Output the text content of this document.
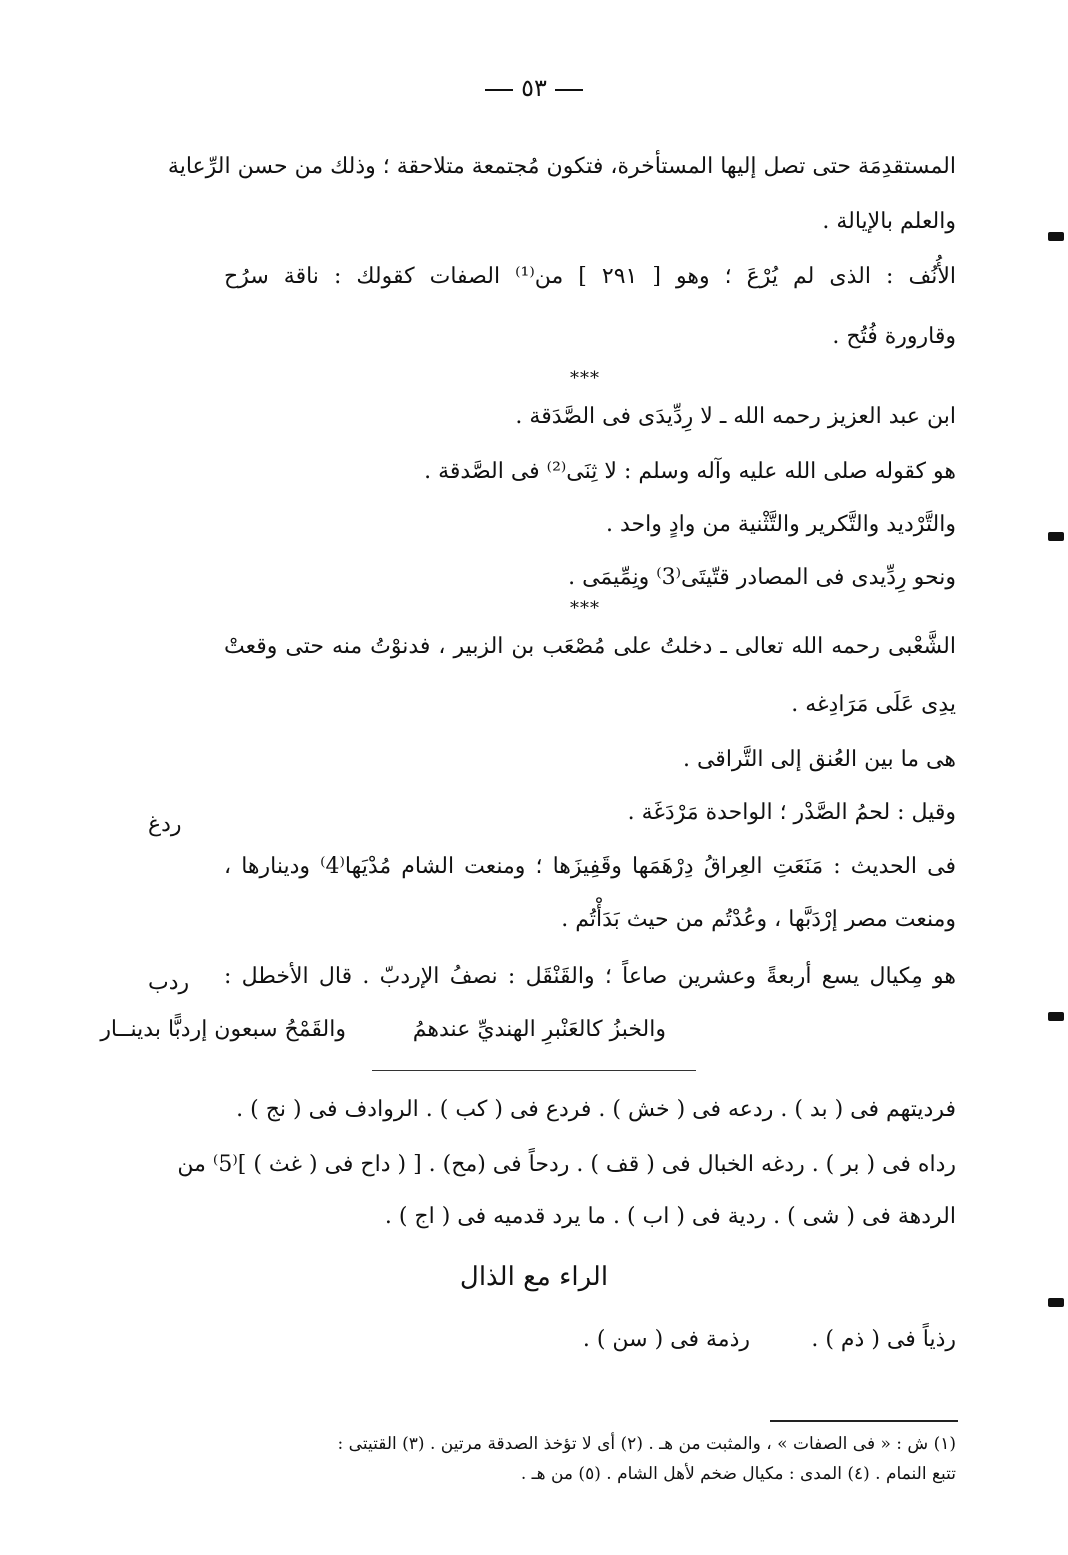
٥٣
المستقدِمَة حتى تصل إليها المستأخرة، فتكون مُجتمعة متلاحقة ؛ وذلك من حسن الرِّعاية
والعلم بالإيالة .
الأُنُف : الذى لم يُرْعَ ؛ وهو [ ٢٩١ ] من⁽¹⁾ الصفات كقولك : ناقة سرُح
وقارورة فُتُح .
***
ابن عبد العزيز رحمه الله ـ لا رِدِّيدَى فى الصَّدَقة .
هو كقوله صلى الله عليه وآله وسلم : لا ثِنَى⁽²⁾ فى الصَّدقة .
والتَّرْديد والتَّكرير والتَّثْنية من وادٍ واحد .
ونحو رِدِّيدى فى المصادر قتّيتَى⁽3⁾ ونِمِّيمَى .
***
الشَّعْبى رحمه الله تعالى ـ دخلتُ على مُصْعَب بن الزبير ، فدنوْتُ منه حتى وقعتْ
يدِى عَلَى مَرَادِغه .
هى ما بين العُنق إلى التَّراقى .
وقيل : لحمُ الصَّدْر ؛ الواحدة مَرْدَغَة .
ردغ
فى الحديث : مَنَعَتِ العِراقُ دِرْهَمَها وقَفِيزَها ؛ ومنعت الشام مُدْيَها⁽4⁾ ودينارها ،
ومنعت مصر إرْدَبَّها ، وعُدْتُم من حيث بَدَأْتُم .
هو مِكيال يسع أربعةً وعشرين صاعاً ؛ والقَنْقَل : نصفُ الإردبّ . قال الأخطل :
ردب
والخبزُ كالعَنْبرِ الهنديِّ عندهمُ
والقَمْحُ سبعون إردبًّا بدينــار
فرديتهم فى ( بد ) . ردعه فى ( خش ) . فردع فى ( كب ) . الروادف فى ( نج ) .
رداه فى ( بر ) . ردغه الخبال فى ( قف ) . ردحاً فى (مح) . [ ( داح فى ( غث ) ]⁽5⁾ من
الردهة فى ( شى ) . ردية فى ( اب ) . ما يرد قدميه فى ( اج ) .
الراء مع الذال
رذياً فى ( ذم ) .
رذمة فى ( سن ) .
(١) ش : « فى الصفات » ، والمثبت من هـ . (٢) أى لا تؤخذ الصدقة مرتين . (٣) القتيتى :
تتبع النمام . (٤) المدى : مكيال ضخم لأهل الشام . (٥) من هـ .
